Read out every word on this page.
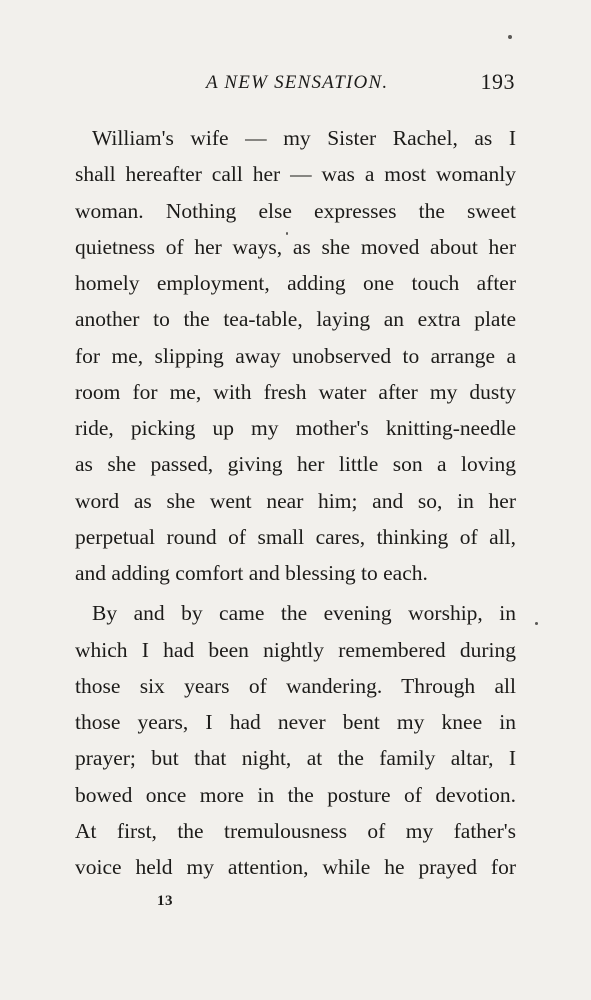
A NEW SENSATION.	193
William's wife — my Sister Rachel, as I
shall hereafter call her — was a most womanly
woman. Nothing else expresses the sweet
quietness of her ways, as she moved about her
homely employment, adding one touch after
another to the tea-table, laying an extra plate
for me, slipping away unobserved to arrange a
room for me, with fresh water after my dusty
ride, picking up my mother's knitting-needle
as she passed, giving her little son a loving
word as she went near him; and so, in her
perpetual round of small cares, thinking of all,
and adding comfort and blessing to each.
By and by came the evening worship, in
which I had been nightly remembered during
those six years of wandering. Through all
those years, I had never bent my knee in
prayer; but that night, at the family altar, I
bowed once more in the posture of devotion.
At first, the tremulousness of my father's
voice held my attention, while he prayed for
13
